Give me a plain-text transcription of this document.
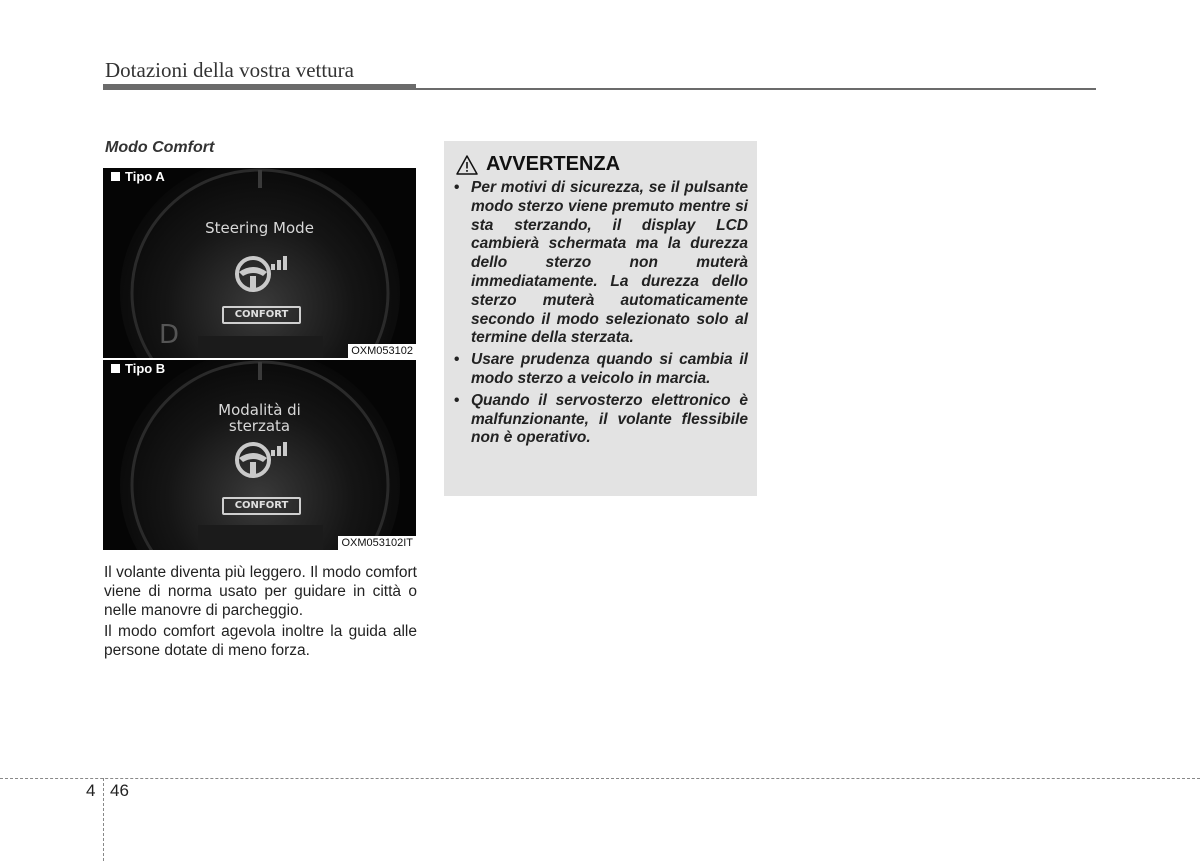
Dotazioni della vostra vettura
Modo Comfort
Tipo A
Steering Mode
CONFORT
D
OXM053102
Tipo B
Modalità di
sterzata
CONFORT
OXM053102IT

Il volante diventa più leggero. Il modo comfort viene di norma usato per guidare in città o nelle manovre di parcheggio.

Il modo comfort agevola inoltre la guida alle persone dotate di meno forza.

AVVERTENZA
• Per motivi di sicurezza, se il pulsante modo sterzo viene premuto mentre si sta sterzando, il display LCD cambierà schermata ma la durezza dello sterzo non muterà immediatamente. La durezza dello sterzo muterà automaticamente secondo il modo selezionato solo al termine della sterzata.
• Usare prudenza quando si cambia il modo sterzo a veicolo in marcia.
• Quando il servosterzo elettronico è malfunzionante, il volante flessibile non è operativo.
4 46
